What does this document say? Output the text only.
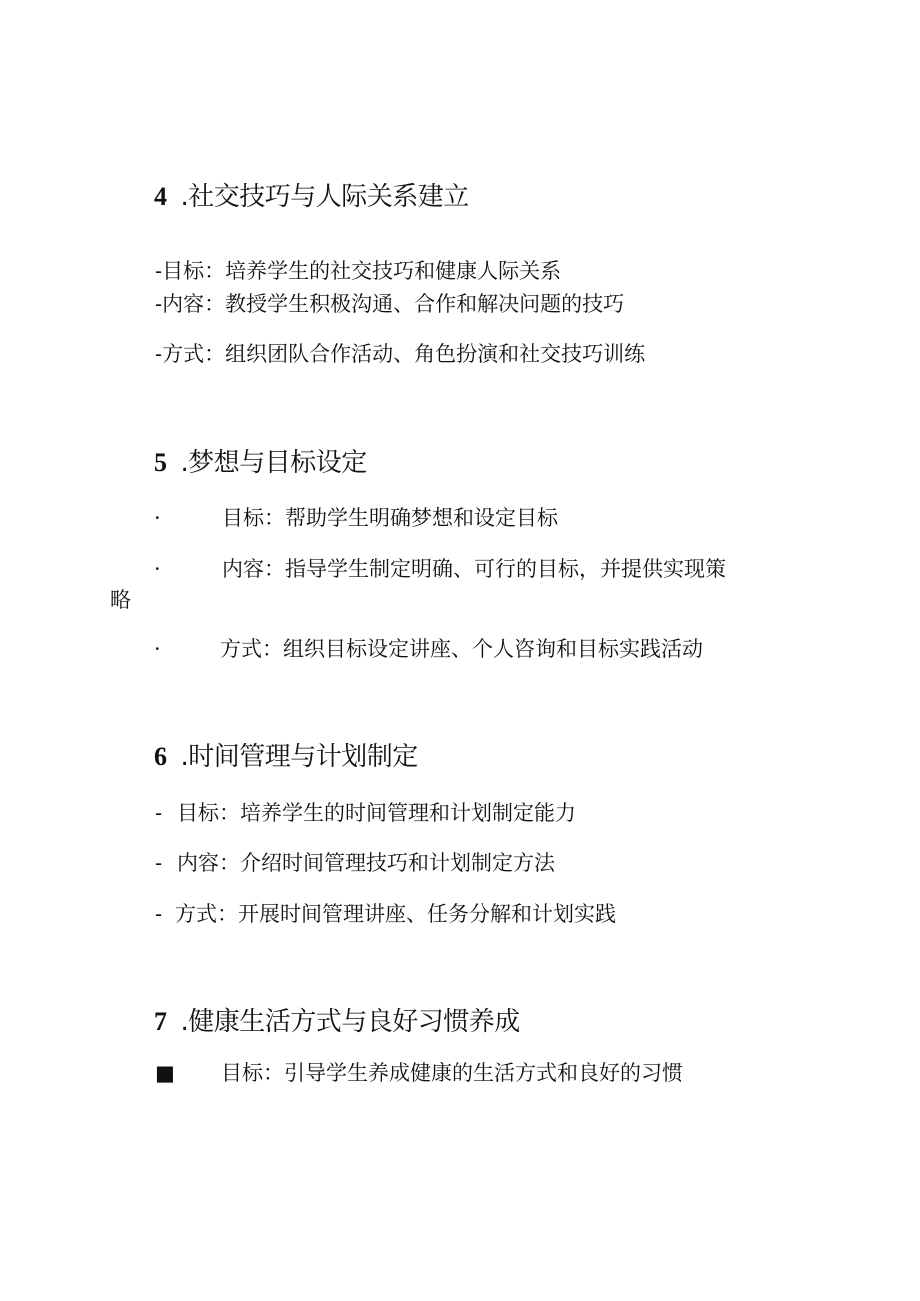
4 .社交技巧与人际关系建立
-目标：培养学生的社交技巧和健康人际关系
-内容：教授学生积极沟通、合作和解决问题的技巧
-方式：组织团队合作活动、角色扮演和社交技巧训练
5 .梦想与目标设定
·	目标：帮助学生明确梦想和设定目标
·	内容：指导学生制定明确、可行的目标，并提供实现策
略
·	方式：组织目标设定讲座、个人咨询和目标实践活动
6 .时间管理与计划制定
- 目标：培养学生的时间管理和计划制定能力
- 内容：介绍时间管理技巧和计划制定方法
- 方式：开展时间管理讲座、任务分解和计划实践
7 .健康生活方式与良好习惯养成
■ 目标：引导学生养成健康的生活方式和良好的习惯
